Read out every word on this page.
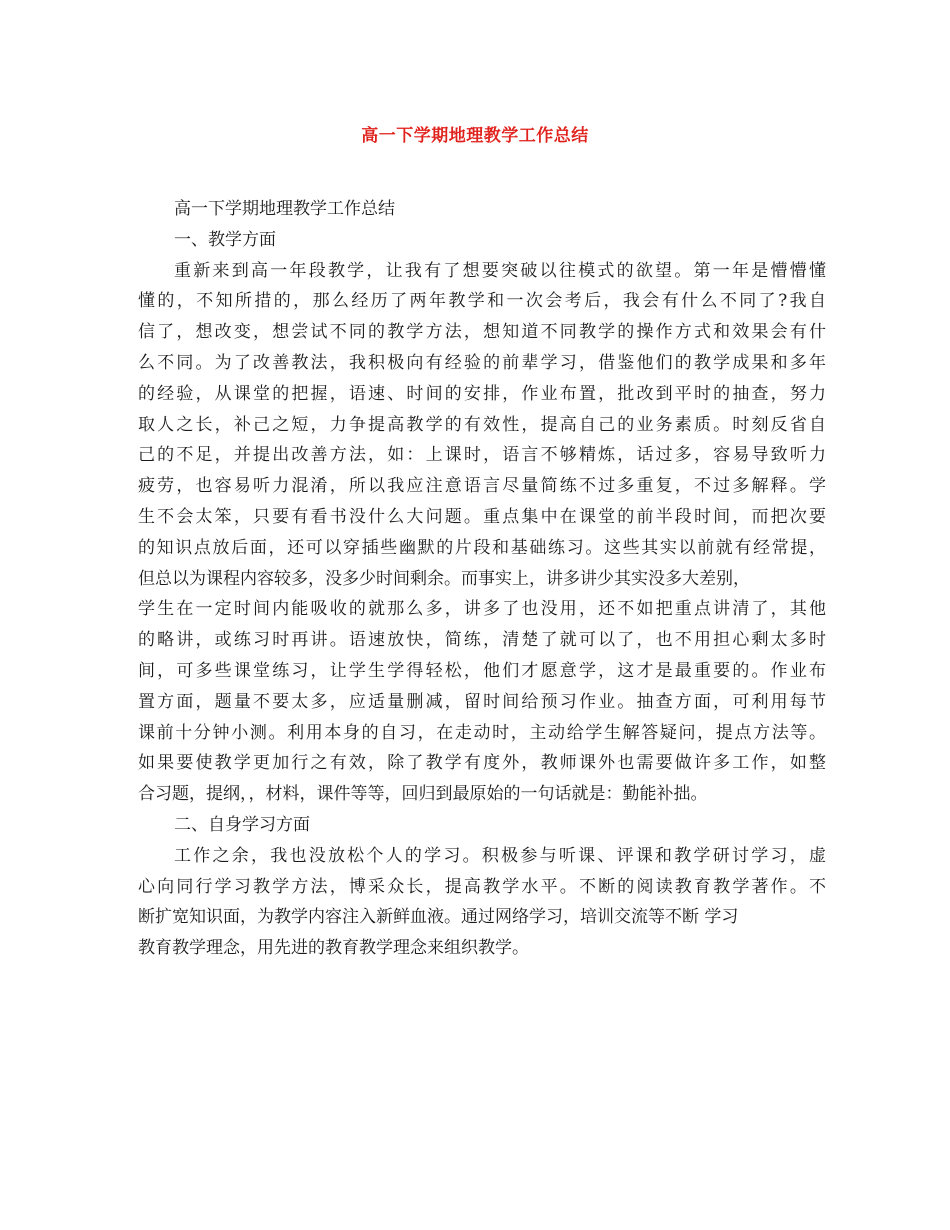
高一下学期地理教学工作总结
高一下学期地理教学工作总结
一、教学方面
重新来到高一年段教学，让我有了想要突破以往模式的欲望。第一年是懵懵懂
懂的，不知所措的，那么经历了两年教学和一次会考后，我会有什么不同了?我自
信了，想改变，想尝试不同的教学方法，想知道不同教学的操作方式和效果会有什
么不同。为了改善教法，我积极向有经验的前辈学习，借鉴他们的教学成果和多年
的经验，从课堂的把握，语速、时间的安排，作业布置，批改到平时的抽查，努力
取人之长，补己之短，力争提高教学的有效性，提高自己的业务素质。时刻反省自
己的不足，并提出改善方法，如：上课时，语言不够精炼，话过多，容易导致听力
疲劳，也容易听力混淆，所以我应注意语言尽量简练不过多重复，不过多解释。学
生不会太笨，只要有看书没什么大问题。重点集中在课堂的前半段时间，而把次要
的知识点放后面，还可以穿插些幽默的片段和基础练习。这些其实以前就有经常提，
但总以为课程内容较多，没多少时间剩余。而事实上，讲多讲少其实没多大差别，
学生在一定时间内能吸收的就那么多，讲多了也没用，还不如把重点讲清了，其他
的略讲，或练习时再讲。语速放快，简练，清楚了就可以了，也不用担心剩太多时
间，可多些课堂练习，让学生学得轻松，他们才愿意学，这才是最重要的。作业布
置方面，题量不要太多，应适量删减，留时间给预习作业。抽查方面，可利用每节
课前十分钟小测。利用本身的自习，在走动时，主动给学生解答疑问，提点方法等。
如果要使教学更加行之有效，除了教学有度外，教师课外也需要做许多工作，如整
合习题，提纲，，材料，课件等等，回归到最原始的一句话就是：勤能补拙。
二、自身学习方面
工作之余，我也没放松个人的学习。积极参与听课、评课和教学研讨学习，虚
心向同行学习教学方法，博采众长，提高教学水平。不断的阅读教育教学著作。不
断扩宽知识面，为教学内容注入新鲜血液。通过网络学习，培训交流等不断 学习
教育教学理念，用先进的教育教学理念来组织教学。
